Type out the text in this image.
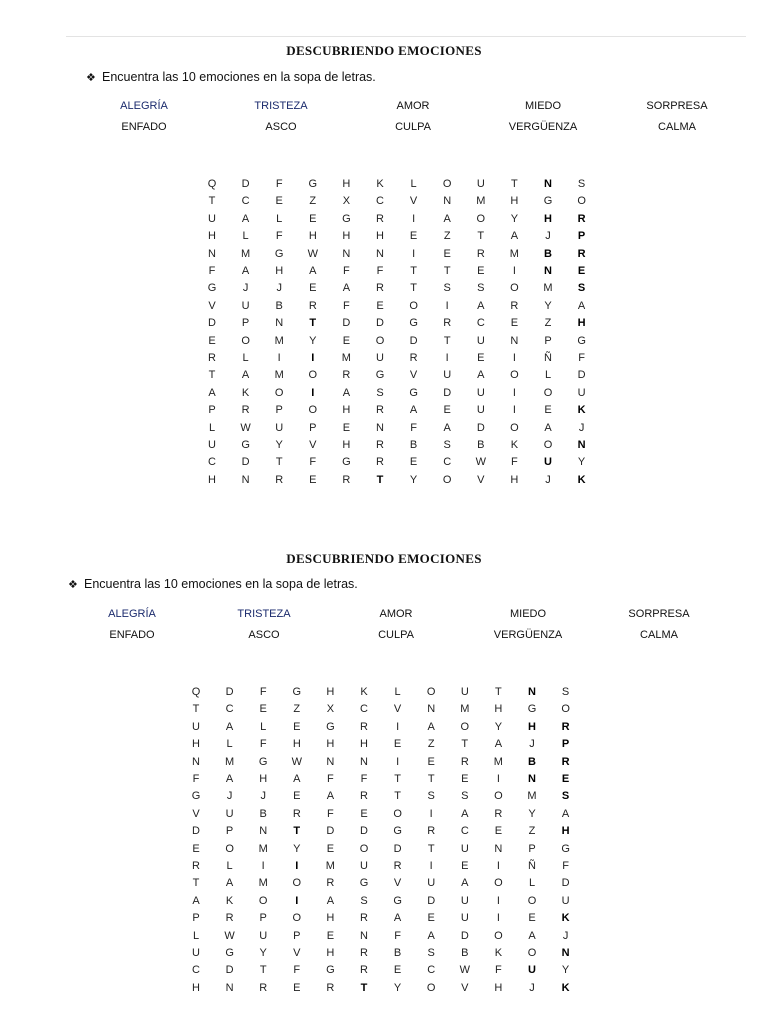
DESCUBRIENDO EMOCIONES
❖ Encuentra las 10 emociones en la sopa de letras.
ALEGRÍA	TRISTEZA	AMOR	MIEDO	SORPRESA
ENFADO	ASCO	CULPA	VERGÜENZA	CALMA
Q	D	F	G	H	K	L	O	U	T	N	S
T	C	E	Z	X	C	V	N	M	H	G	O
U	A	L	E	G	R	I	A	O	Y	H	R
H	L	F	H	H	H	E	Z	T	A	J	P
N	M	G	W	N	N	I	E	R	M	B	R
F	A	H	A	F	F	T	T	E	I	N	E
G	J	J	E	A	R	T	S	S	O	M	S
V	U	B	R	F	E	O	I	A	R	Y	A
D	P	N	T	D	D	G	R	C	E	Z	H
E	O	M	Y	E	O	D	T	U	N	P	G
R	L	I	I	M	U	R	I	E	I	Ñ	F
T	A	M	O	R	G	V	U	A	O	L	D
A	K	O	I	A	S	G	D	U	I	O	U
P	R	P	O	H	R	A	E	U	I	E	K
L	W	U	P	E	N	F	A	D	O	A	J
U	G	Y	V	H	R	B	S	B	K	O	N
C	D	T	F	G	R	E	C	W	F	U	Y
H	N	R	E	R	T	Y	O	V	H	J	K
DESCUBRIENDO EMOCIONES
❖ Encuentra las 10 emociones en la sopa de letras.
ALEGRÍA	TRISTEZA	AMOR	MIEDO	SORPRESA
ENFADO	ASCO	CULPA	VERGÜENZA	CALMA
Q	D	F	G	H	K	L	O	U	T	N	S
T	C	E	Z	X	C	V	N	M	H	G	O
U	A	L	E	G	R	I	A	O	Y	H	R
H	L	F	H	H	H	E	Z	T	A	J	P
N	M	G	W	N	N	I	E	R	M	B	R
F	A	H	A	F	F	T	T	E	I	N	E
G	J	J	E	A	R	T	S	S	O	M	S
V	U	B	R	F	E	O	I	A	R	Y	A
D	P	N	T	D	D	G	R	C	E	Z	H
E	O	M	Y	E	O	D	T	U	N	P	G
R	L	I	I	M	U	R	I	E	I	Ñ	F
T	A	M	O	R	G	V	U	A	O	L	D
A	K	O	I	A	S	G	D	U	I	O	U
P	R	P	O	H	R	A	E	U	I	E	K
L	W	U	P	E	N	F	A	D	O	A	J
U	G	Y	V	H	R	B	S	B	K	O	N
C	D	T	F	G	R	E	C	W	F	U	Y
H	N	R	E	R	T	Y	O	V	H	J	K
